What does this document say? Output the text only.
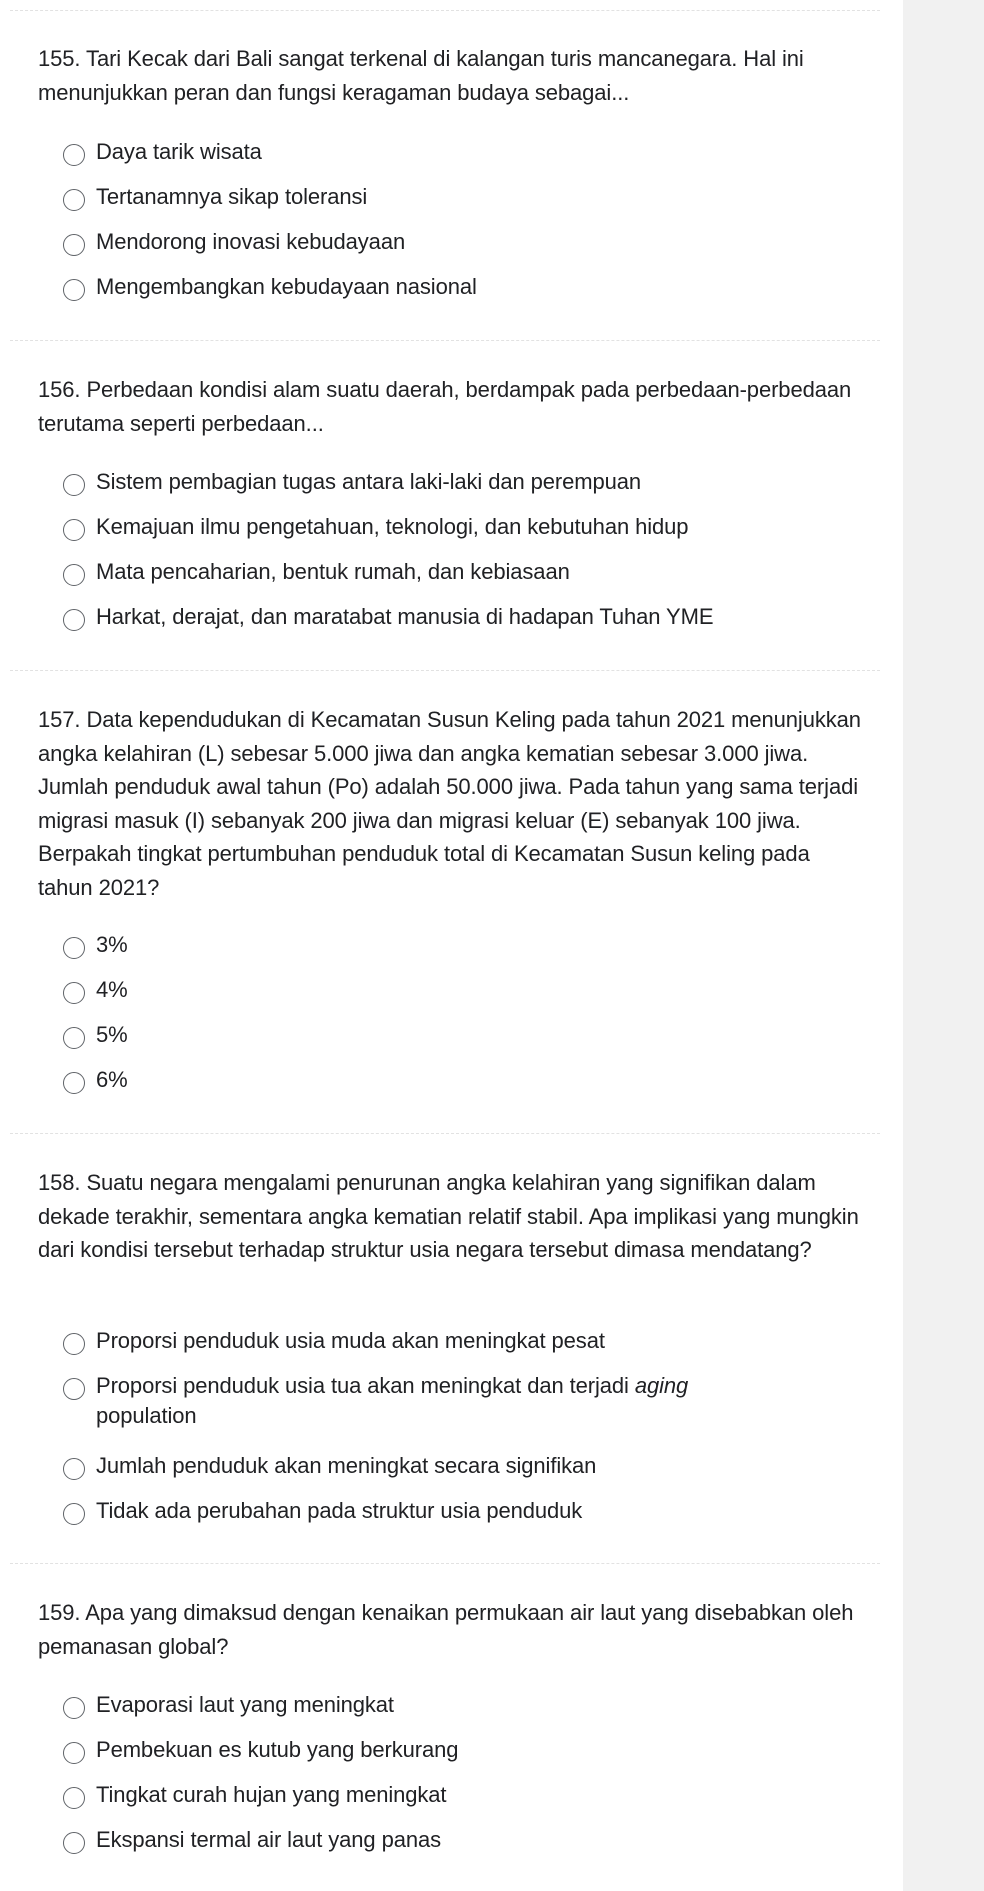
155. Tari Kecak dari Bali sangat terkenal di kalangan turis mancanegara. Hal ini menunjukkan peran dan fungsi keragaman budaya sebagai...
Daya tarik wisata
Tertanamnya sikap toleransi
Mendorong inovasi kebudayaan
Mengembangkan kebudayaan nasional
156. Perbedaan kondisi alam suatu daerah, berdampak pada perbedaan-perbedaan terutama seperti perbedaan...
Sistem pembagian tugas antara laki-laki dan perempuan
Kemajuan ilmu pengetahuan, teknologi, dan kebutuhan hidup
Mata pencaharian, bentuk rumah, dan kebiasaan
Harkat, derajat, dan maratabat manusia di hadapan Tuhan YME
157. Data kependudukan di Kecamatan Susun Keling pada tahun 2021 menunjukkan angka kelahiran (L) sebesar 5.000 jiwa dan angka kematian sebesar 3.000 jiwa. Jumlah penduduk awal tahun (Po) adalah 50.000 jiwa. Pada tahun yang sama terjadi migrasi masuk (I) sebanyak 200 jiwa dan migrasi keluar (E) sebanyak 100 jiwa. Berpakah tingkat pertumbuhan penduduk total di Kecamatan Susun keling pada tahun 2021?
3%
4%
5%
6%
158. Suatu negara mengalami penurunan angka kelahiran yang signifikan dalam dekade terakhir, sementara angka kematian relatif stabil. Apa implikasi yang mungkin dari kondisi tersebut terhadap struktur usia negara tersebut dimasa mendatang?
Proporsi penduduk usia muda akan meningkat pesat
Proporsi penduduk usia tua akan meningkat dan terjadi aging
population
Jumlah penduduk akan meningkat secara signifikan
Tidak ada perubahan pada struktur usia penduduk
159. Apa yang dimaksud dengan kenaikan permukaan air laut yang disebabkan oleh pemanasan global?
Evaporasi laut yang meningkat
Pembekuan es kutub yang berkurang
Tingkat curah hujan yang meningkat
Ekspansi termal air laut yang panas
